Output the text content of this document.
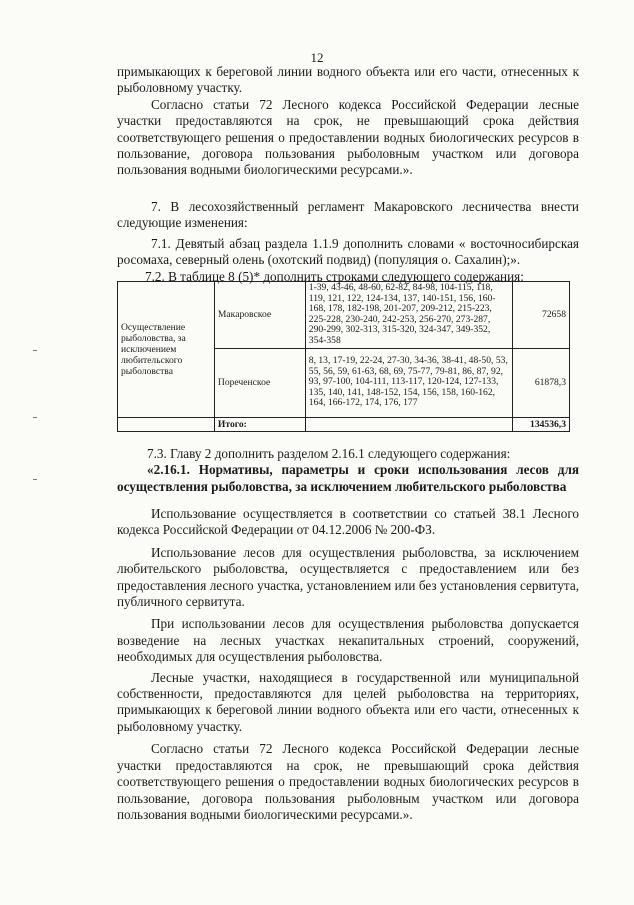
12

примыкающих к береговой линии водного объекта или его части, отнесенных к рыболовному участку.

Согласно статьи 72 Лесного кодекса Российской Федерации лесные участки предоставляются на срок, не превышающий срока действия соответствующего решения о предоставлении водных биологических ресурсов в пользование, договора пользования рыболовным участком или договора пользования водными биологическими ресурсами.».

7. В лесохозяйственный регламент Макаровского лесничества внести следующие изменения:

7.1. Девятый абзац раздела 1.1.9 дополнить словами « восточносибирская росомаха, северный олень (охотский подвид) (популяция о. Сахалин);».

7.2. В таблице 8 (5)* дополнить строками следующего содержания:

Осуществление рыболовства, за исключением любительского рыболовства	Макаровское	1-39, 43-46, 48-60, 62-82, 84-98, 104-115, 118, 119, 121, 122, 124-134, 137, 140-151, 156, 160-168, 178, 182-198, 201-207, 209-212, 215-223, 225-228, 230-240, 242-253, 256-270, 273-287, 290-299, 302-313, 315-320, 324-347, 349-352, 354-358	72658
	Пореченское	8, 13, 17-19, 22-24, 27-30, 34-36, 38-41, 48-50, 53, 55, 56, 59, 61-63, 68, 69, 75-77, 79-81, 86, 87, 92, 93, 97-100, 104-111, 113-117, 120-124, 127-133, 135, 140, 141, 148-152, 154, 156, 158, 160-162, 164, 166-172, 174, 176, 177	61878,3
	Итого:		134536,3

7.3. Главу 2 дополнить разделом 2.16.1 следующего содержания:

«2.16.1. Нормативы, параметры и сроки использования лесов для осуществления рыболовства, за исключением любительского рыболовства

Использование осуществляется в соответствии со статьей 38.1 Лесного кодекса Российской Федерации от 04.12.2006 № 200-ФЗ.

Использование лесов для осуществления рыболовства, за исключением любительского рыболовства, осуществляется с предоставлением или без предоставления лесного участка, установлением или без установления сервитута, публичного сервитута.

При использовании лесов для осуществления рыболовства допускается возведение на лесных участках некапитальных строений, сооружений, необходимых для осуществления рыболовства.

Лесные участки, находящиеся в государственной или муниципальной собственности, предоставляются для целей рыболовства на территориях, примыкающих к береговой линии водного объекта или его части, отнесенных к рыболовному участку.

Согласно статьи 72 Лесного кодекса Российской Федерации лесные участки предоставляются на срок, не превышающий срока действия соответствующего решения о предоставлении водных биологических ресурсов в пользование, договора пользования рыболовным участком или договора пользования водными биологическими ресурсами.».
